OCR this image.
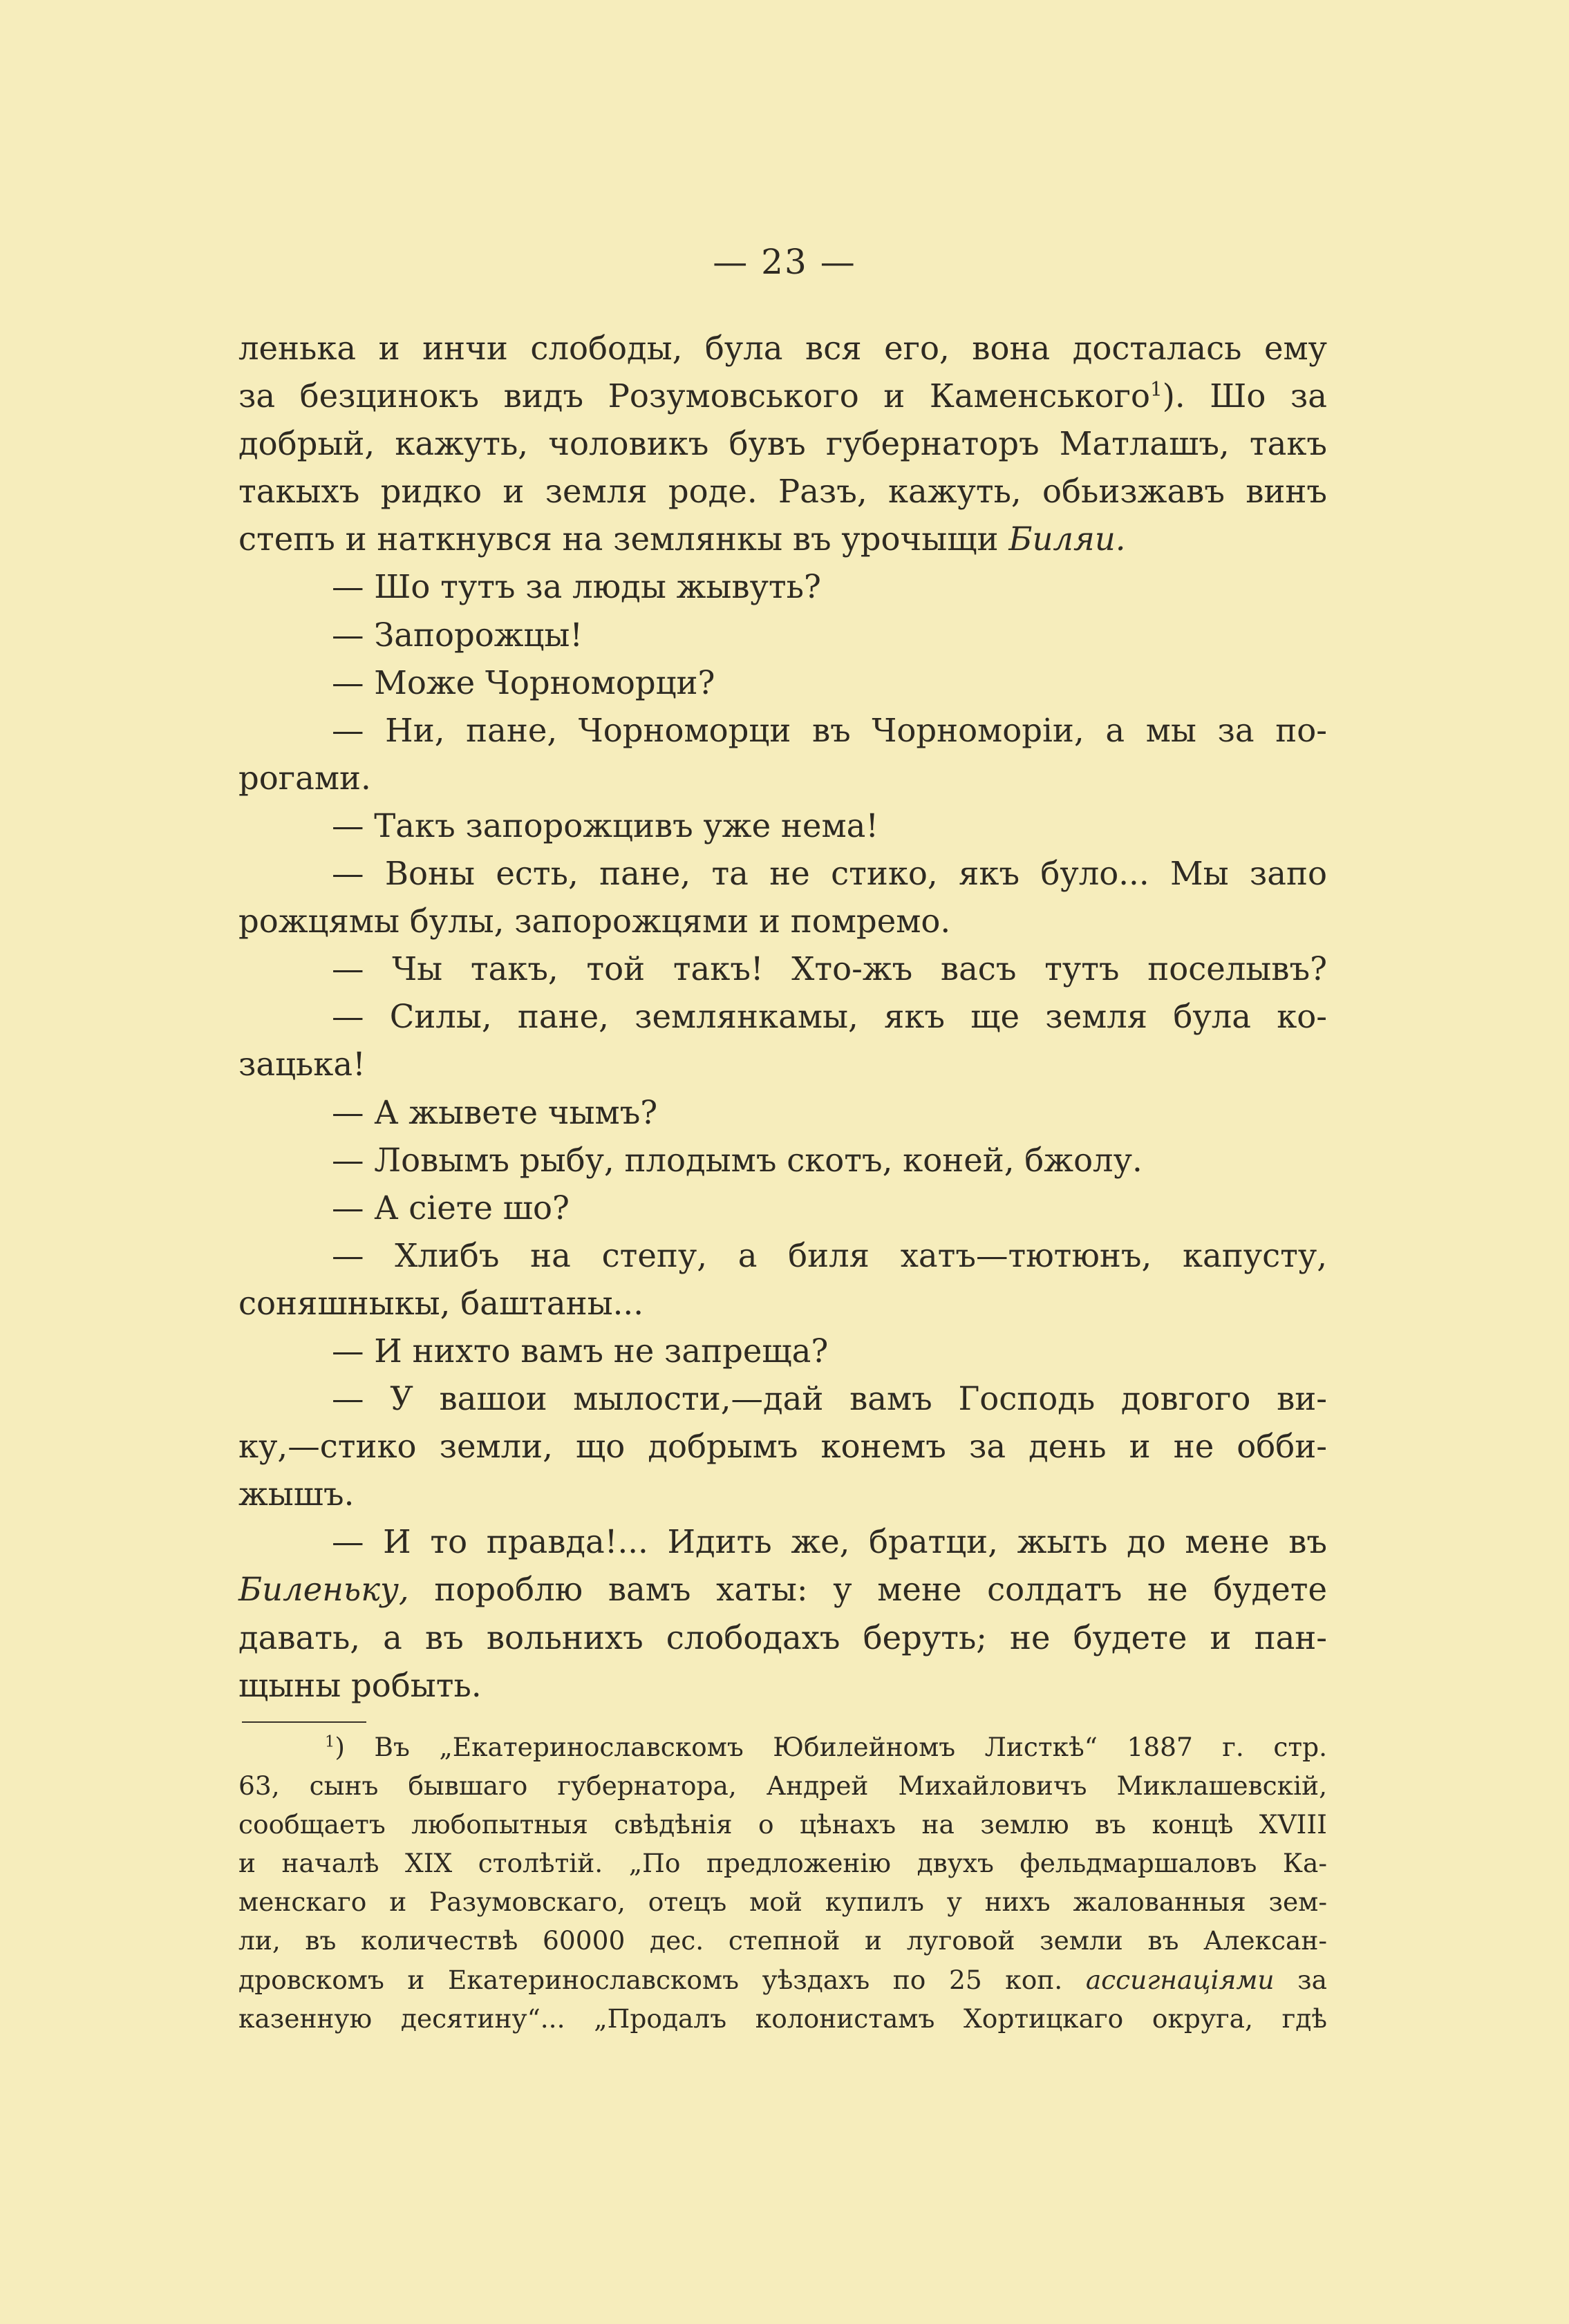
— 23 —
ленька и инчи слободы, була вся его, вона досталась ему
за безцинокъ видъ Розумовського и Каменського$^1$). Шо за
добрый, кажуть, чоловикъ бувъ губернаторъ Матлашъ, такъ
такыхъ ридко и земля роде. Разъ, кажуть, обьизжавъ винъ
степъ и наткнувся на землянкы въ урочыщи Биляи.
— Шо тутъ за люды жывуть?
— Запорожцы!
— Може Чорноморци?
— Ни, пане, Чорноморци въ Чорноморіи, а мы за по-
рогами.
— Такъ запорожцивъ уже нема!
— Воны есть, пане, та не стико, якъ було... Мы запо
рожцямы булы, запорожцями и помремо.
— Чы такъ, той такъ! Хто-жъ васъ тутъ поселывъ?
— Силы, пане, землянкамы, якъ ще земля була ко-
зацька!
— А жывете чымъ?
— Ловымъ рыбу, плодымъ скотъ, коней, бжолу.
— А сіете шо?
— Хлибъ на степу, а биля хатъ—тютюнъ, капусту,
соняшныкы, баштаны...
— И нихто вамъ не запреща?
— У вашои мылости,—дай вамъ Господь довгого ви-
ку,—стико земли, що добрымъ конемъ за день и не обби-
жышъ.
— И то правда!... Идить же, братци, жыть до мене въ
Биленьку, пороблю вамъ хаты: у мене солдатъ не будете
давать, а въ вольнихъ слободахъ беруть; не будете и пан-
щыны робыть.
$^1$) Въ „Екатеринославскомъ Юбилейномъ Листкѣ“ 1887 г. стр.
63, сынъ бывшаго губернатора, Андрей Михайловичъ Миклашевскій,
сообщаетъ любопытныя свѣдѣнія о цѣнахъ на землю въ концѣ XVIII
и началѣ XIX столѣтій. „По предложенію двухъ фельдмаршаловъ Ка-
менскаго и Разумовскаго, отецъ мой купилъ у нихъ жалованныя зем-
ли, въ количествѣ 60000 дес. степной и луговой земли въ Алексан-
дровскомъ и Екатеринославскомъ уѣздахъ по 25 коп. ассигнаціями за
казенную десятину“... „Продалъ колонистамъ Хортицкаго округа, гдѣ
